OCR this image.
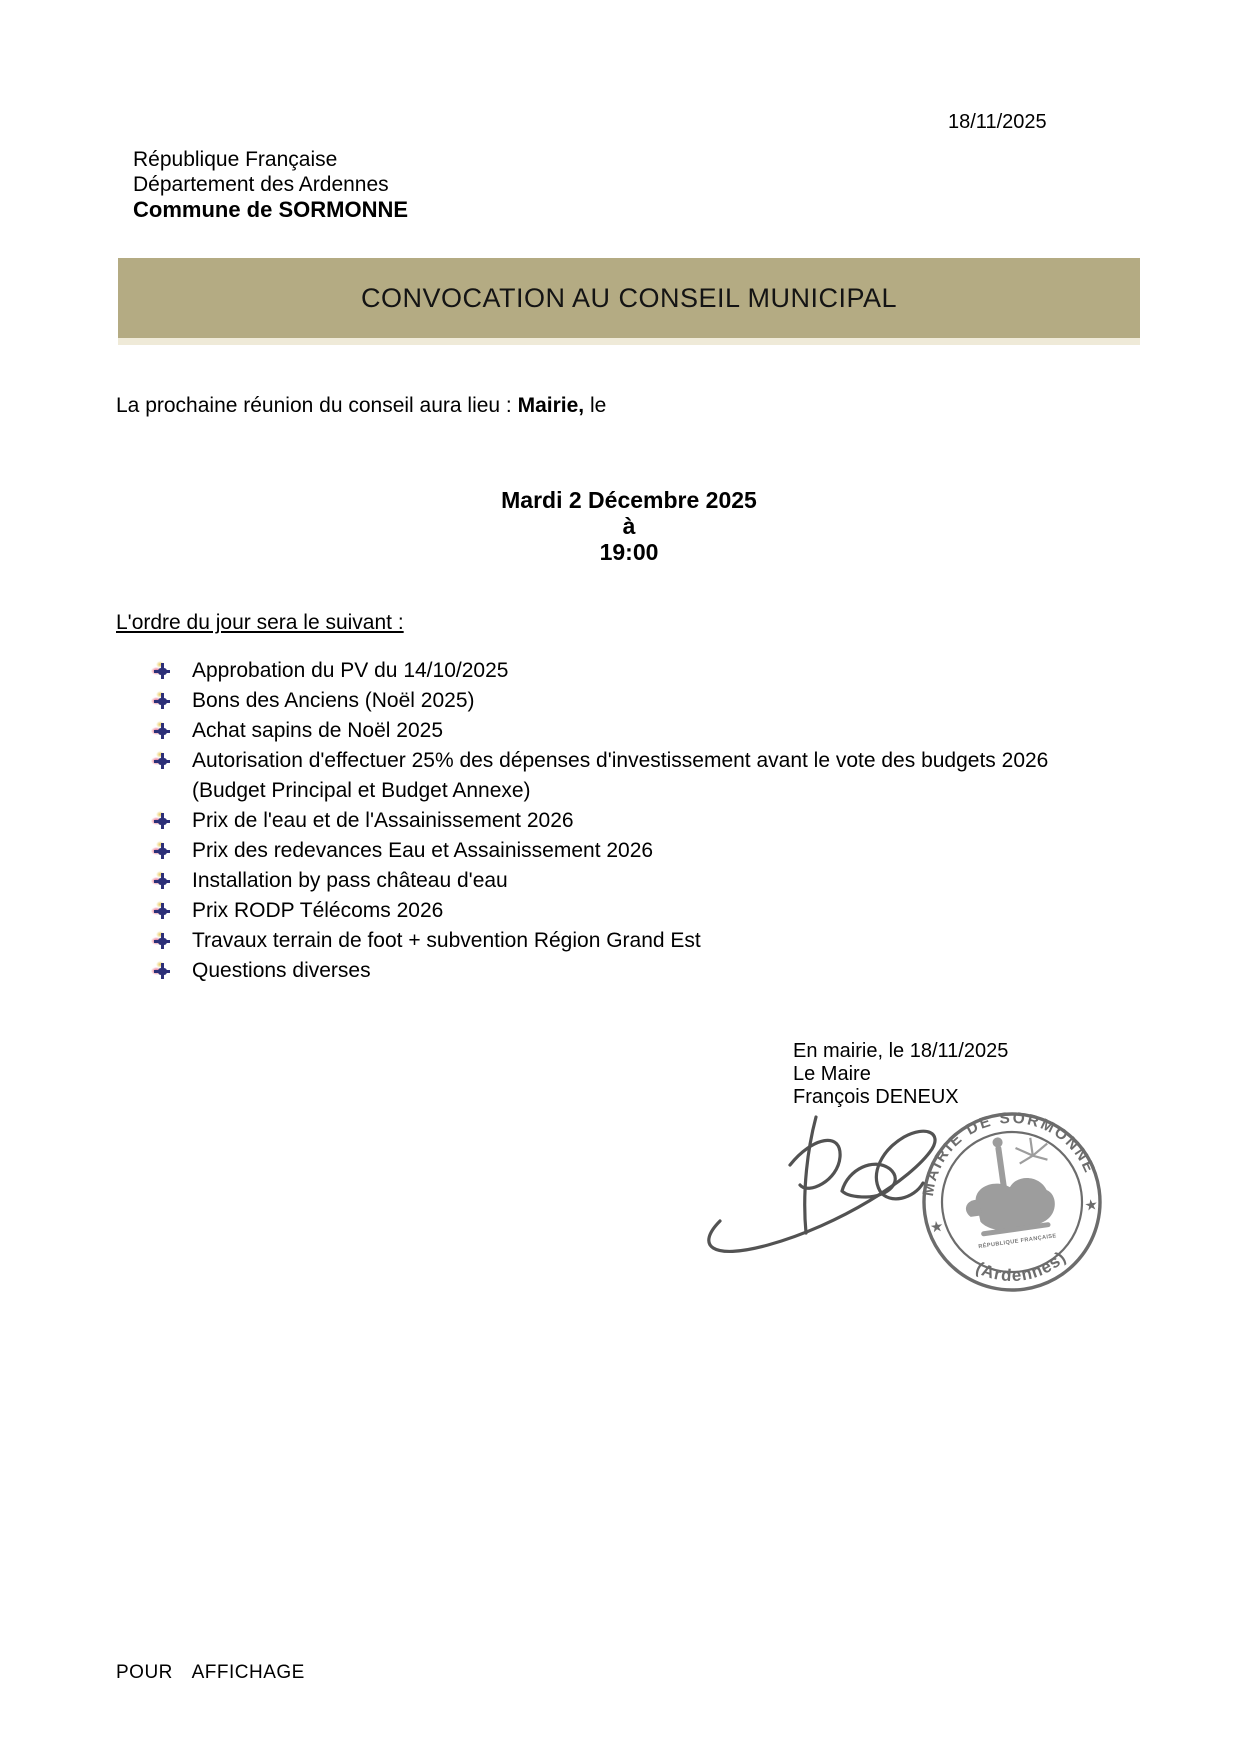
18/11/2025
République Française
Département des Ardennes
Commune de SORMONNE
CONVOCATION AU CONSEIL MUNICIPAL
La prochaine réunion du conseil aura lieu : Mairie, le
Mardi 2 Décembre 2025
à
19:00
L'ordre du jour sera le suivant :
Approbation du PV du 14/10/2025
Bons des Anciens (Noël 2025)
Achat sapins de Noël 2025
Autorisation d'effectuer 25% des dépenses d'investissement avant le vote des budgets 2026 (Budget Principal et Budget Annexe)
Prix de l'eau et de l'Assainissement 2026
Prix des redevances Eau et Assainissement 2026
Installation by pass château d'eau
Prix RODP Télécoms 2026
Travaux terrain de foot + subvention Région Grand Est
Questions diverses
En mairie, le 18/11/2025
Le Maire
François DENEUX
MAIRIE DE SORMONNE
(Ardennes)
★
★
RÉPUBLIQUE FRANÇAISE
POUR AFFICHAGE
